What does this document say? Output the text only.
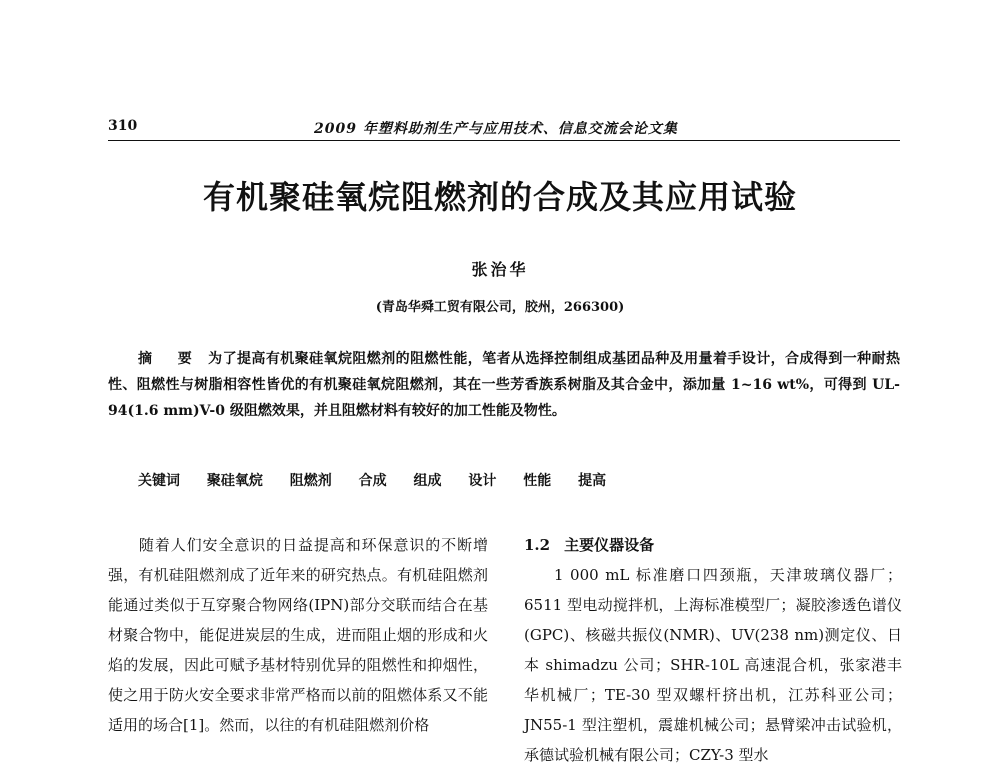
310	2009 年塑料助剂生产与应用技术、信息交流会论文集
有机聚硅氧烷阻燃剂的合成及其应用试验
张治华
(青岛华舜工贸有限公司，胶州，266300)
摘 要 为了提高有机聚硅氧烷阻燃剂的阻燃性能，笔者从选择控制组成基团品种及用量着手设计，合成得到一种耐热性、阻燃性与树脂相容性皆优的有机聚硅氧烷阻燃剂，其在一些芳香族系树脂及其合金中，添加量 1~16 wt%，可得到 UL-94(1.6 mm)V-0 级阻燃效果，并且阻燃材料有较好的加工性能及物性。
关键词 聚硅氧烷 阻燃剂 合成 组成 设计 性能 提高

随着人们安全意识的日益提高和环保意识的不断增强，有机硅阻燃剂成了近年来的研究热点。有机硅阻燃剂能通过类似于互穿聚合物网络(IPN)部分交联而结合在基材聚合物中，能促进炭层的生成，进而阻止烟的形成和火焰的发展，因此可赋予基材特别优异的阻燃性和抑烟性，使之用于防火安全要求非常严格而以前的阻燃体系又不能适用的场合[1]。然而，以往的有机硅阻燃剂价格

1.2 主要仪器设备

1 000 mL 标准磨口四颈瓶，天津玻璃仪器厂；6511 型电动搅拌机，上海标准模型厂；凝胶渗透色谱仪(GPC)、核磁共振仪(NMR)、UV(238 nm)测定仪、日本 shimadzu 公司；SHR-10L 高速混合机，张家港丰华机械厂；TE-30 型双螺杆挤出机，江苏科亚公司；JN55-1 型注塑机，震雄机械公司；悬臂梁冲击试验机，承德试验机械有限公司；CZY-3 型水
